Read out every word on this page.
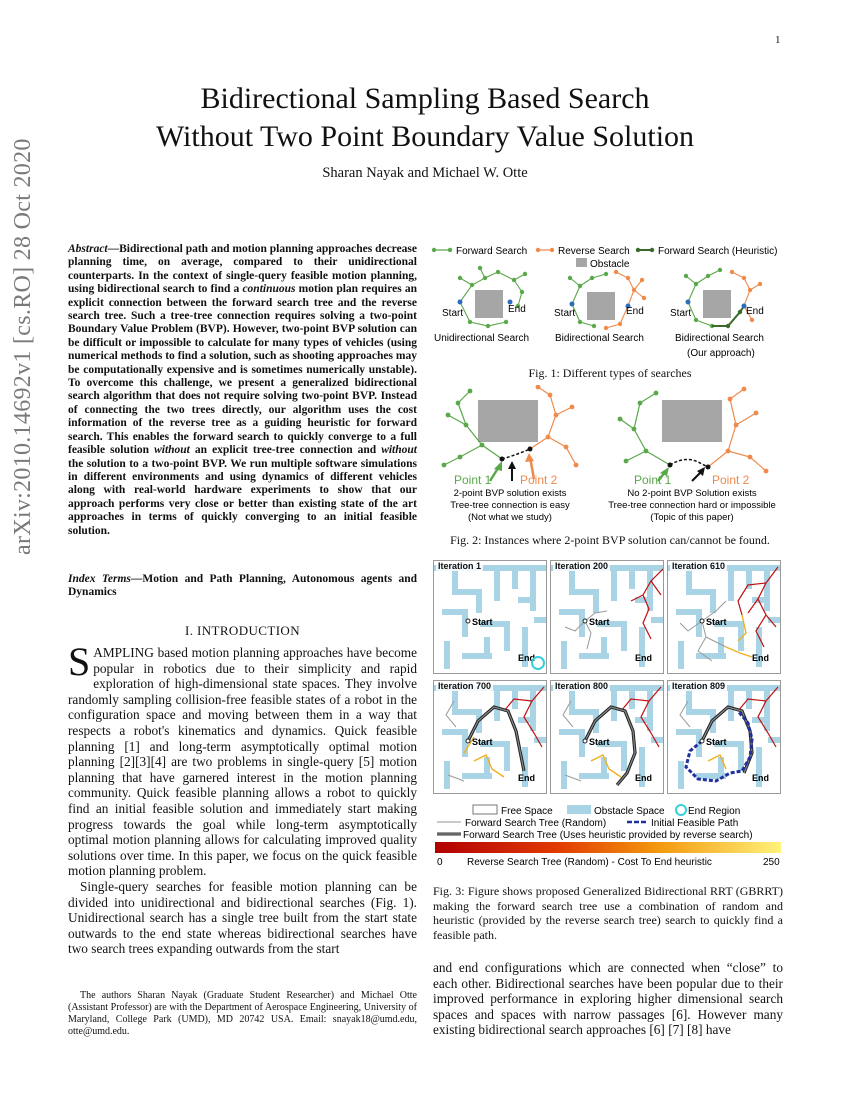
1
arXiv:2010.14692v1 [cs.RO] 28 Oct 2020
Bidirectional Sampling Based Search
Without Two Point Boundary Value Solution
Sharan Nayak and Michael W. Otte
Abstract—Bidirectional path and motion planning approaches decrease planning time, on average, compared to their unidirectional counterparts. In the context of single-query feasible motion planning, using bidirectional search to find a continuous motion plan requires an explicit connection between the forward search tree and the reverse search tree. Such a tree-tree connection requires solving a two-point Boundary Value Problem (BVP). However, two-point BVP solution can be difficult or impossible to calculate for many types of vehicles (using numerical methods to find a solution, such as shooting approaches may be computationally expensive and is sometimes numerically unstable). To overcome this challenge, we present a generalized bidirectional search algorithm that does not require solving two-point BVP. Instead of connecting the two trees directly, our algorithm uses the cost information of the reverse tree as a guiding heuristic for forward search. This enables the forward search to quickly converge to a full feasible solution without an explicit tree-tree connection and without the solution to a two-point BVP. We run multiple software simulations in different environments and using dynamics of different vehicles along with real-world hardware experiments to show that our approach performs very close or better than existing state of the art approaches in terms of quickly converging to an initial feasible solution.
Index Terms—Motion and Path Planning, Autonomous agents and Dynamics
I. INTRODUCTION

SAMPLING based motion planning approaches have become popular in robotics due to their simplicity and rapid exploration of high-dimensional state spaces. They involve randomly sampling collision-free feasible states of a robot in the configuration space and moving between them in a way that respects a robot's kinematics and dynamics. Quick feasible planning [1] and long-term asymptotically optimal motion planning [2][3][4] are two problems in single-query [5] motion planning that have garnered interest in the motion planning community. Quick feasible planning allows a robot to quickly find an initial feasible solution and immediately start making progress towards the goal while long-term asymptotically optimal motion planning allows for calculating improved quality solutions over time. In this paper, we focus on the quick feasible motion planning problem.

Single-query searches for feasible motion planning can be divided into unidirectional and bidirectional searches (Fig. 1). Unidirectional search has a single tree built from the start state outwards to the end state whereas bidirectional searches have two search trees expanding outwards from the start

The authors Sharan Nayak (Graduate Student Researcher) and Michael Otte (Assistant Professor) are with the Department of Aerospace Engineering, University of Maryland, College Park (UMD), MD 20742 USA. Email: snayak18@umd.edu, otte@umd.edu.
Forward Search	Reverse Search	Forward Search (Heuristic)
Obstacle
Start	End
Unidirectional Search
Start	End
Bidirectional Search
Start	End
Bidirectional Search
(Our approach)
Fig. 1: Different types of searches
Point 1 Point 2
2-point BVP solution exists
Tree-tree connection is easy
(Not what we study)
Point 1	Point 2
No 2-point BVP Solution exists
Tree-tree connection hard or impossible
(Topic of this paper)
Fig. 2: Instances where 2-point BVP solution can/cannot be found.
Start
End
Iteration 1
Start
End
Iteration 200
Start
End
Iteration 610
Start
End
Iteration 700
Start
End
Iteration 800
Start
End
Iteration 809
Free Space	Obstacle Space End Region
Forward Search Tree (Random)	Initial Feasible Path
Forward Search Tree (Uses heuristic provided by reverse search)
0 Reverse Search Tree (Random) - Cost To End heuristic	250
Fig. 3: Figure shows proposed Generalized Bidirectional RRT (GBRRT) making the forward search tree use a combination of random and heuristic (provided by the reverse search tree) search to quickly find a feasible path.
and end configurations which are connected when “close” to each other. Bidirectional searches have been popular due to their improved performance in exploring higher dimensional search spaces and spaces with narrow passages [6]. However many existing bidirectional search approaches [6] [7] [8] have
